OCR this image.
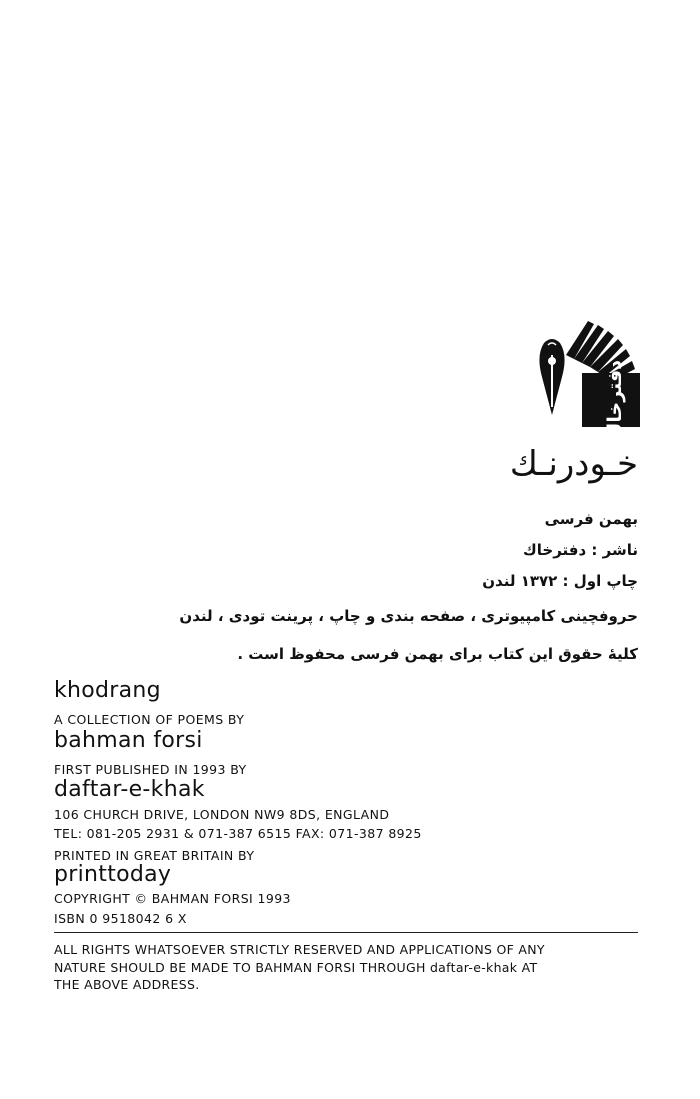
دفترخاك
خـودرنـك
بهمن فرسی
ناشر : دفترخاك
چاپ اول : ١٣٧٢ لندن
حروفچینی کامپیوتری ، صفحه بندی و چاپ ، پرینت تودی ، لندن
کلیهٔ حقوق این کتاب برای بهمن فرسی محفوظ است .
khodrang
A COLLECTION OF POEMS BY
bahman forsi
FIRST PUBLISHED IN 1993 BY
daftar-e-khak
106 CHURCH DRIVE, LONDON NW9 8DS, ENGLAND
TEL: 081-205 2931 & 071-387 6515 FAX: 071-387 8925
PRINTED IN GREAT BRITAIN BY
printtoday
COPYRIGHT © BAHMAN FORSI 1993
ISBN 0 9518042 6 X
ALL RIGHTS WHATSOEVER STRICTLY RESERVED AND APPLICATIONS OF ANY
NATURE SHOULD BE MADE TO BAHMAN FORSI THROUGH daftar-e-khak AT
THE ABOVE ADDRESS.
